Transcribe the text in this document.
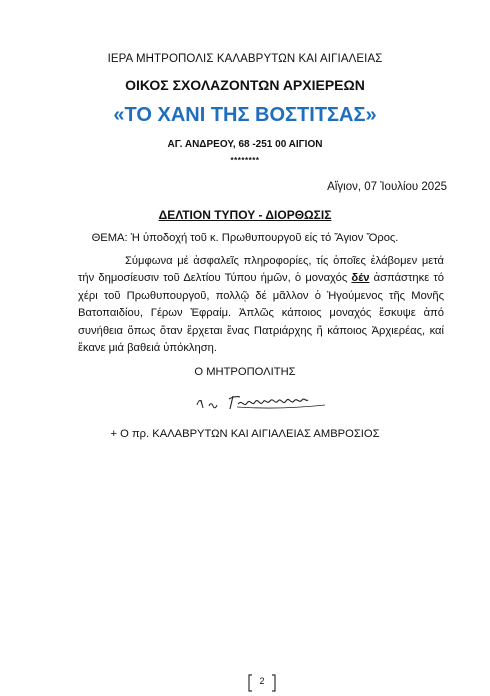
ΙΕΡΑ ΜΗΤΡΟΠΟΛΙΣ ΚΑΛΑΒΡΥΤΩΝ ΚΑΙ ΑΙΓΙΑΛΕΙΑΣ
ΟΙΚΟΣ ΣΧΟΛΑΖΟΝΤΩΝ ΑΡΧΙΕΡΕΩΝ
«ΤΟ ΧΑΝΙ ΤΗΣ ΒΟΣΤΙΤΣΑΣ»
ΑΓ. ΑΝΔΡΕΟΥ, 68 -251 00 ΑΙΓΙΟΝ
********
Αἴγιον, 07 Ἰουλίου 2025
ΔΕΛΤΙΟΝ ΤΥΠΟΥ - ΔΙΟΡΘΩΣΙΣ
ΘΕΜΑ: Ἡ ὑποδοχή τοῦ κ. Πρωθυπουργοῦ εἰς τό Ἅγιον Ὄρος.
Σύμφωνα μέ ἀσφαλεῖς πληροφορίες, τίς ὁποῖες ἐλάβομεν μετά τήν δημοσίευσιν τοῦ Δελτίου Τύπου ἡμῶν, ὁ μοναχός δέν ἀσπάστηκε τό χέρι τοῦ Πρωθυπουργοῦ, πολλῷ δέ μᾶλλον ὁ Ἡγούμενος τῆς Μονῆς Βατοπαιδίου, Γέρων Ἐφραίμ. Ἁπλῶς κάποιος μοναχός ἔσκυψε ἀπό συνήθεια ὅπως ὅταν ἔρχεται ἕνας Πατριάρχης ἤ κάποιος Ἀρχιερέας, καί ἔκανε μιά βαθειά ὑπόκληση.
Ο ΜΗΤΡΟΠΟΛΙΤΗΣ
+ Ο πρ. ΚΑΛΑΒΡΥΤΩΝ ΚΑΙ ΑΙΓΙΑΛΕΙΑΣ ΑΜΒΡΟΣΙΟΣ
2
